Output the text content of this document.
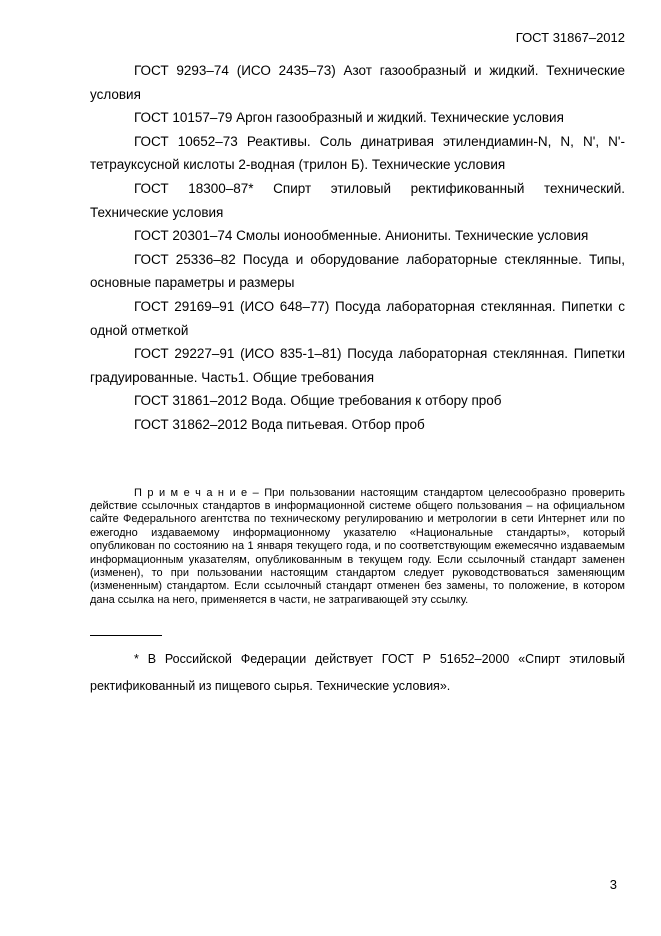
ГОСТ 31867–2012

ГОСТ 9293–74 (ИСО 2435–73) Азот газообразный и жидкий. Технические условия

ГОСТ 10157–79 Аргон газообразный и жидкий. Технические условия

ГОСТ 10652–73 Реактивы. Соль динатривая этилендиамин-N, N, N', N'-тетрауксусной кислоты 2-водная (трилон Б). Технические условия

ГОСТ 18300–87* Спирт этиловый ректификованный технический. Технические условия

ГОСТ 20301–74 Смолы ионообменные. Аниониты. Технические условия

ГОСТ 25336–82 Посуда и оборудование лабораторные стеклянные. Типы, основные параметры и размеры

ГОСТ 29169–91 (ИСО 648–77) Посуда лабораторная стеклянная. Пипетки с одной отметкой

ГОСТ 29227–91 (ИСО 835-1–81) Посуда лабораторная стеклянная. Пипетки градуированные. Часть1. Общие требования

ГОСТ 31861–2012 Вода. Общие требования к отбору проб

ГОСТ 31862–2012 Вода питьевая. Отбор проб

П р и м е ч а н и е – При пользовании настоящим стандартом целесообразно проверить действие ссылочных стандартов в информационной системе общего пользования – на официальном сайте Федерального агентства по техническому регулированию и метрологии в сети Интернет или по ежегодно издаваемому информационному указателю «Национальные стандарты», который опубликован по состоянию на 1 января текущего года, и по соответствующим ежемесячно издаваемым информационным указателям, опубликованным в текущем году. Если ссылочный стандарт заменен (изменен), то при пользовании настоящим стандартом следует руководствоваться заменяющим (измененным) стандартом. Если ссылочный стандарт отменен без замены, то положение, в котором дана ссылка на него, применяется в части, не затрагивающей эту ссылку.

* В Российской Федерации действует ГОСТ Р 51652–2000 «Спирт этиловый ректификованный из пищевого сырья. Технические условия».

3
